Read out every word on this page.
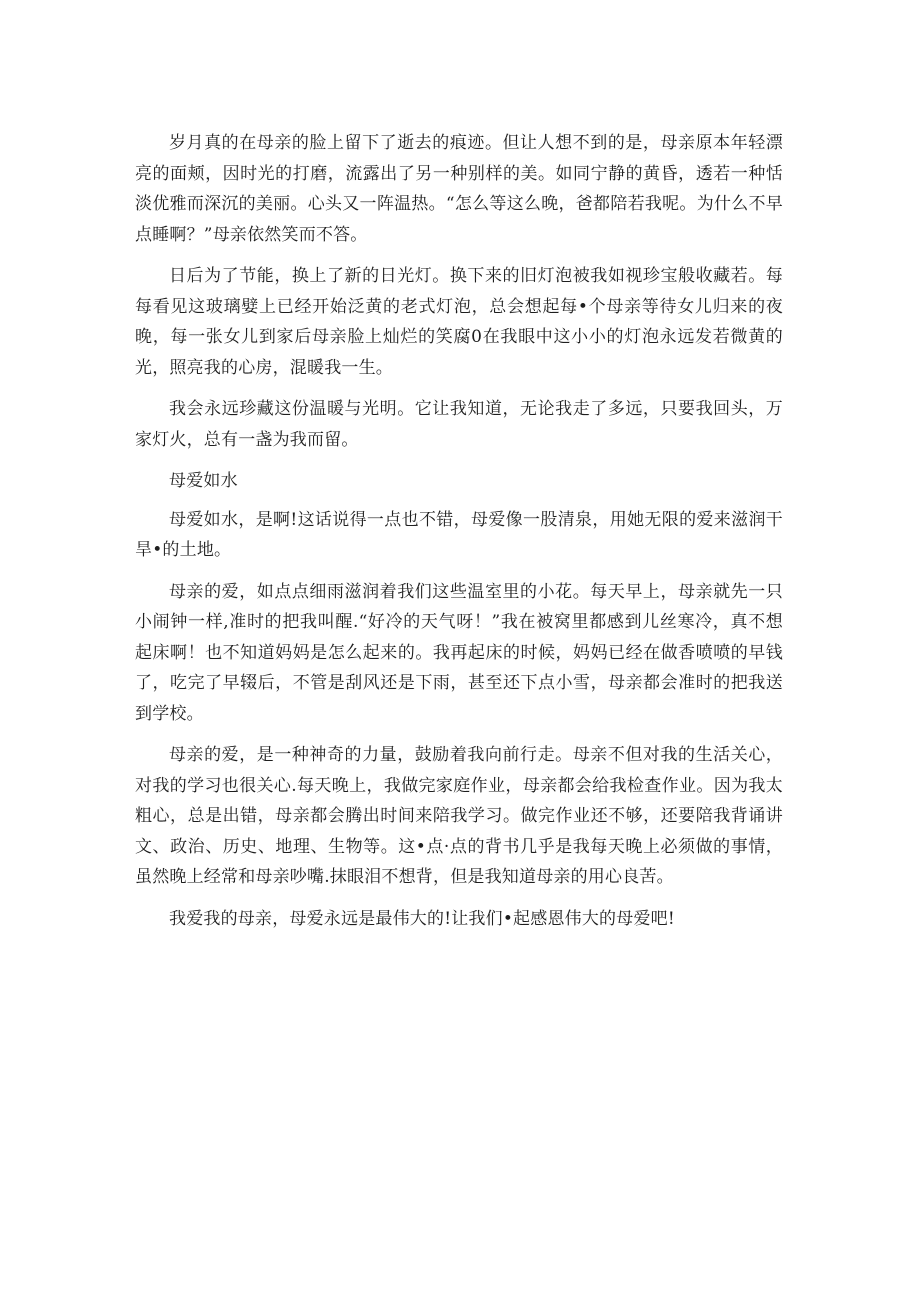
岁月真的在母亲的脸上留下了逝去的痕迹。但让人想不到的是，母亲原本年轻漂亮的面颊，因时光的打磨，流露出了另一种别样的美。如同宁静的黄昏，透若一种恬淡优雅而深沉的美丽。心头又一阵温热。“怎么等这么晚，爸都陪若我呢。为什么不早点睡啊？”母亲依然笑而不答。

日后为了节能，换上了新的日光灯。换下来的旧灯泡被我如视珍宝般收藏若。每每看见这玻璃嬖上已经开始泛黄的老式灯泡，总会想起每•个母亲等待女儿归来的夜晚，每一张女儿到家后母亲脸上灿烂的笑腐0在我眼中这小小的灯泡永远发若微黄的光，照亮我的心房，混暖我一生。

我会永远珍藏这份温暖与光明。它让我知道，无论我走了多远，只要我回头，万家灯火，总有一盏为我而留。

母爱如水

母爱如水，是啊!这话说得一点也不错，母爱像一股清泉，用她无限的爱来滋润干旱•的土地。

母亲的爱，如点点细雨滋润着我们这些温室里的小花。每天早上，母亲就先一只小闹钟一样,准时的把我叫醒.“好冷的天气呀！”我在被窝里都感到儿丝寒冷，真不想起床啊！也不知道妈妈是怎么起来的。我再起床的时候，妈妈已经在做香喷喷的早钱了，吃完了早辍后，不管是刮风还是下雨，甚至还下点小雪，母亲都会准时的把我送到学校。

母亲的爱，是一种神奇的力量，鼓励着我向前行走。母亲不但对我的生活关心，对我的学习也很关心.每天晚上，我做完家庭作业，母亲都会给我检查作业。因为我太粗心，总是出错，母亲都会腾出时间来陪我学习。做完作业还不够，还要陪我背诵讲文、政治、历史、地理、生物等。这•点·点的背书几乎是我每天晚上必须做的事情，虽然晚上经常和母亲吵嘴.抹眼泪不想背，但是我知道母亲的用心良苦。

我爱我的母亲，母爱永远是最伟大的!让我们•起感恩伟大的母爱吧!
